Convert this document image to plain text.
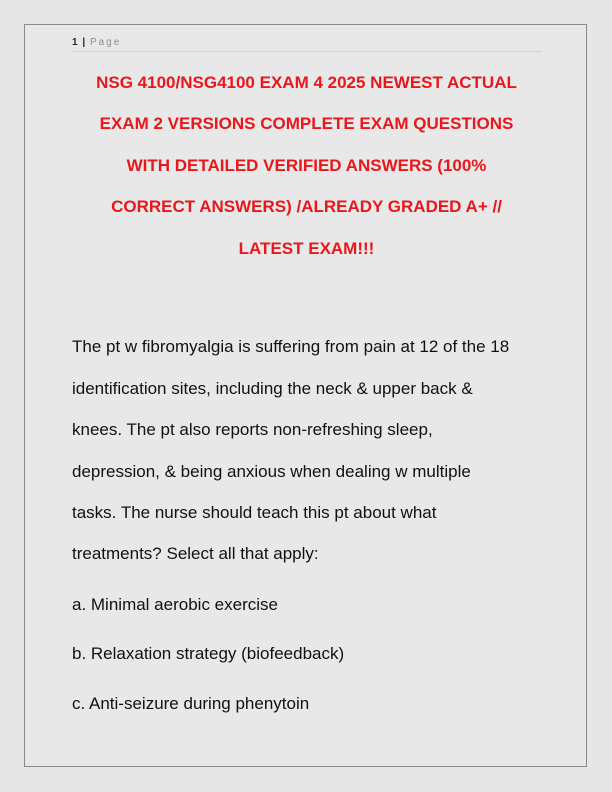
1 | Page
NSG 4100/NSG4100 EXAM 4 2025 NEWEST ACTUAL
EXAM 2 VERSIONS COMPLETE EXAM QUESTIONS
WITH DETAILED VERIFIED ANSWERS (100%
CORRECT ANSWERS) /ALREADY GRADED A+ //
LATEST EXAM!!!
The pt w fibromyalgia is suffering from pain at 12 of the 18
identification sites, including the neck & upper back &
knees. The pt also reports non-refreshing sleep,
depression, & being anxious when dealing w multiple
tasks. The nurse should teach this pt about what
treatments? Select all that apply:
a. Minimal aerobic exercise
b. Relaxation strategy (biofeedback)
c. Anti-seizure during phenytoin
